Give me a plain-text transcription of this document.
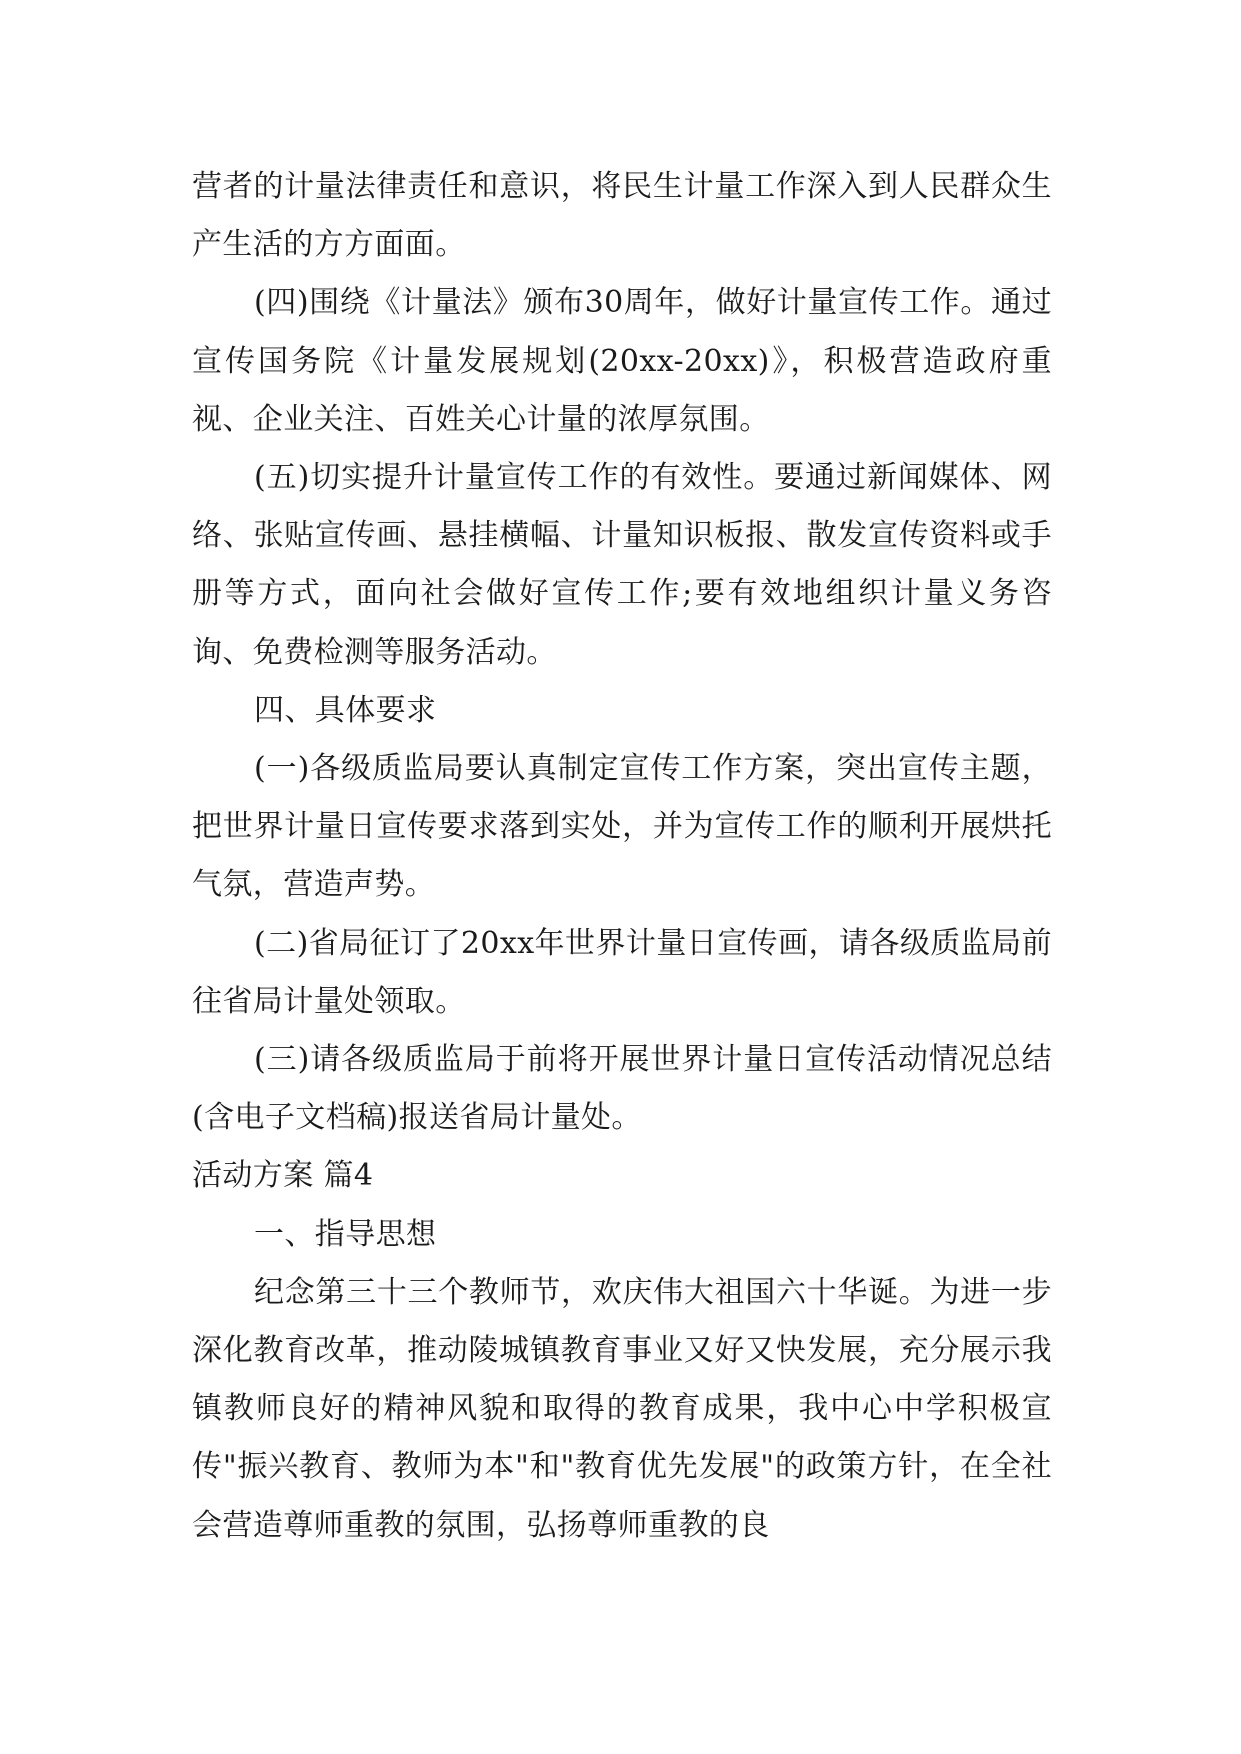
营者的计量法律责任和意识，将民生计量工作深入到人民群众生产生活的方方面面。

(四)围绕《计量法》颁布30周年，做好计量宣传工作。通过宣传国务院《计量发展规划(20xx-20xx)》，积极营造政府重视、企业关注、百姓关心计量的浓厚氛围。

(五)切实提升计量宣传工作的有效性。要通过新闻媒体、网络、张贴宣传画、悬挂横幅、计量知识板报、散发宣传资料或手册等方式，面向社会做好宣传工作;要有效地组织计量义务咨询、免费检测等服务活动。

四、具体要求

(一)各级质监局要认真制定宣传工作方案，突出宣传主题，把世界计量日宣传要求落到实处，并为宣传工作的顺利开展烘托气氛，营造声势。

(二)省局征订了20xx年世界计量日宣传画，请各级质监局前往省局计量处领取。

(三)请各级质监局于前将开展世界计量日宣传活动情况总结(含电子文档稿)报送省局计量处。

活动方案 篇4

一、指导思想

纪念第三十三个教师节，欢庆伟大祖国六十华诞。为进一步深化教育改革，推动陵城镇教育事业又好又快发展，充分展示我镇教师良好的精神风貌和取得的教育成果，我中心中学积极宣传"振兴教育、教师为本"和"教育优先发展"的政策方针，在全社会营造尊师重教的氛围，弘扬尊师重教的良
